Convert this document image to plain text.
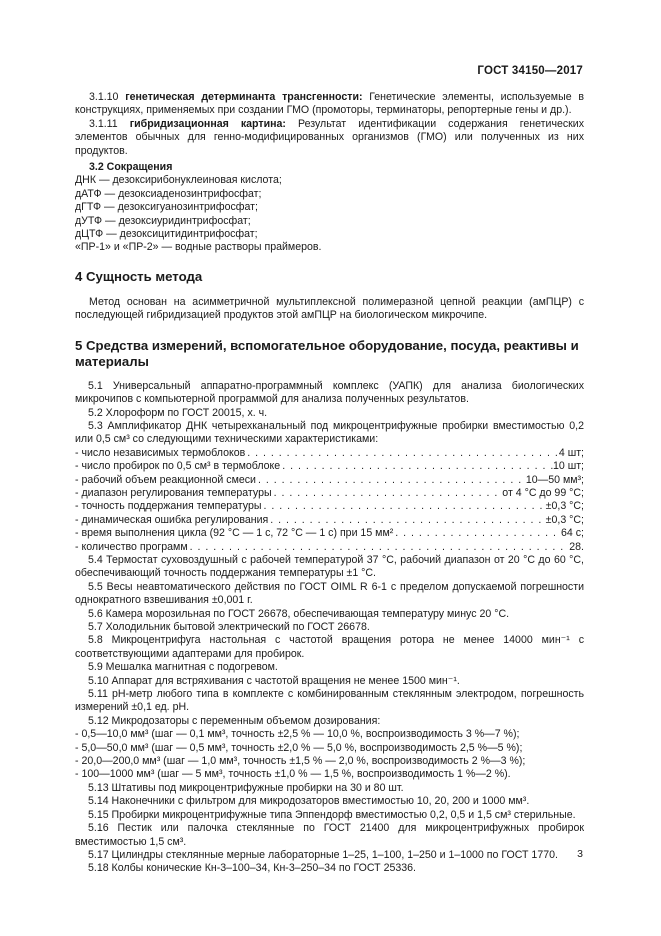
ГОСТ 34150—2017

3.1.10 генетическая детерминанта трансгенности: Генетические элементы, используемые в конструкциях, применяемых при создании ГМО (промоторы, терминаторы, репортерные гены и др.).

3.1.11 гибридизационная картина: Результат идентификации содержания генетических элементов обычных для генно-модифицированных организмов (ГМО) или полученных из них продуктов.

3.2 Сокращения

ДНК — дезоксирибонуклеиновая кислота;

дАТФ — дезоксиаденозинтрифосфат;

дГТФ — дезоксигуанозинтрифосфат;

дУТФ — дезоксиуридинтрифосфат;

дЦТФ — дезоксицитидинтрифосфат;

«ПР-1» и «ПР-2» — водные растворы праймеров.

4 Сущность метода

Метод основан на асимметричной мультиплексной полимеразной цепной реакции (амПЦР) с последующей гибридизацией продуктов этой амПЦР на биологическом микрочипе.

5 Средства измерений, вспомогательное оборудование, посуда, реактивы и материалы

5.1 Универсальный аппаратно-программный комплекс (УАПК) для анализа биологических микрочипов с компьютерной программой для анализа полученных результатов.

5.2 Хлороформ по ГОСТ 20015, х. ч.

5.3 Амплификатор ДНК четырехканальный под микроцентрифужные пробирки вместимостью 0,2 или 0,5 см³ со следующими техническими характеристиками:

- число независимых термоблоков . . .	4 шт;
- число пробирок по 0,5 см³ в термоблоке . . .	10 шт;
- рабочий объем реакционной смеси . . .	10—50 мм³;
- диапазон регулирования температуры . . .	от 4 °C до 99 °C;
- точность поддержания температуры . . .	±0,3 °C;
- динамическая ошибка регулирования . . .	±0,3 °C;
- время выполнения цикла (92 °C — 1 с, 72 °C — 1 с) при 15 мм² . . .	64 с;
- количество программ . . .	28.

5.4 Термостат суховоздушный с рабочей температурой 37 °C, рабочий диапазон от 20 °C до 60 °C, обеспечивающий точность поддержания температуры ±1 °C.

5.5 Весы неавтоматического действия по ГОСТ OIML R 6-1 с пределом допускаемой погрешности однократного взвешивания ±0,001 г.

5.6 Камера морозильная по ГОСТ 26678, обеспечивающая температуру минус 20 °C.

5.7 Холодильник бытовой электрический по ГОСТ 26678.

5.8 Микроцентрифуга настольная с частотой вращения ротора не менее 14000 мин⁻¹ с соответствующими адаптерами для пробирок.

5.9 Мешалка магнитная с подогревом.

5.10 Аппарат для встряхивания с частотой вращения не менее 1500 мин⁻¹.

5.11 рН-метр любого типа в комплекте с комбинированным стеклянным электродом, погрешность измерений ±0,1 ед. рН.

5.12 Микродозаторы с переменным объемом дозирования:

- 0,5—10,0 мм³ (шаг — 0,1 мм³, точность ±2,5 % — 10,0 %, воспроизводимость 3 %—7 %);

- 5,0—50,0 мм³ (шаг — 0,5 мм³, точность ±2,0 % — 5,0 %, воспроизводимость 2,5 %—5 %);

- 20,0—200,0 мм³ (шаг — 1,0 мм³, точность ±1,5 % — 2,0 %, воспроизводимость 2 %—3 %);

- 100—1000 мм³ (шаг — 5 мм³, точность ±1,0 % — 1,5 %, воспроизводимость 1 %—2 %).

5.13 Штативы под микроцентрифужные пробирки на 30 и 80 шт.

5.14 Наконечники с фильтром для микродозаторов вместимостью 10, 20, 200 и 1000 мм³.

5.15 Пробирки микроцентрифужные типа Эппендорф вместимостью 0,2, 0,5 и 1,5 см³ стерильные.

5.16 Пестик или палочка стеклянные по ГОСТ 21400 для микроцентрифужных пробирок вместимостью 1,5 см³.

5.17 Цилиндры стеклянные мерные лабораторные 1–25, 1–100, 1–250 и 1–1000 по ГОСТ 1770.

5.18 Колбы конические Кн-3–100–34, Кн-3–250–34 по ГОСТ 25336.

3
